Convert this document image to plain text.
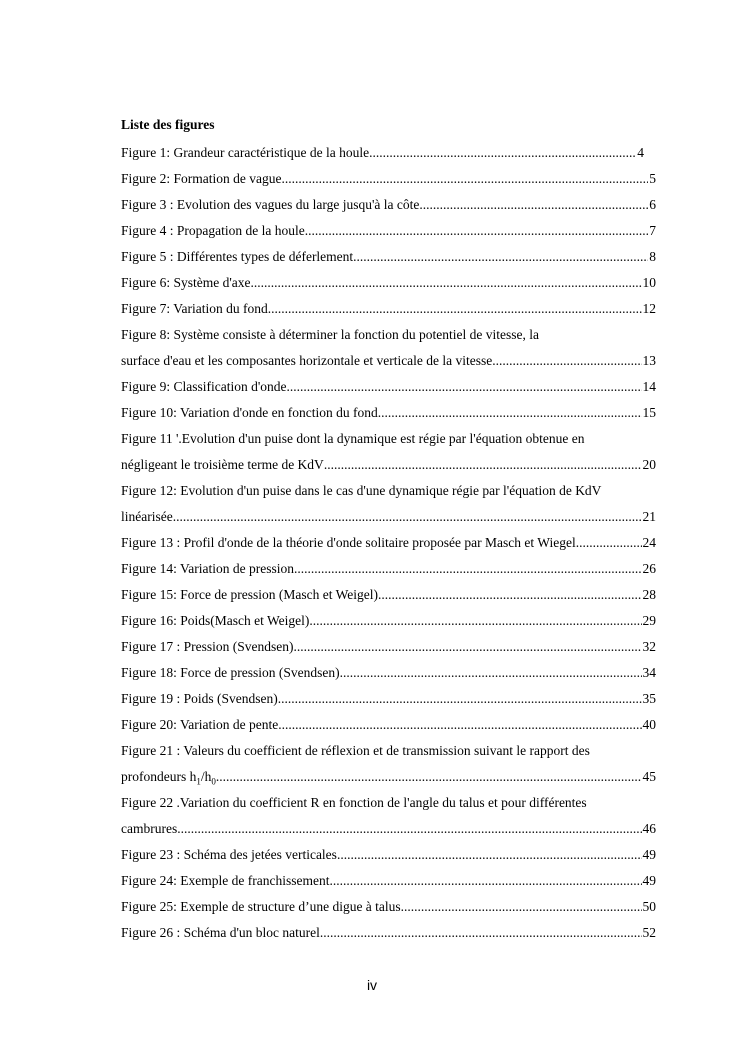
Liste des figures
Figure 1: Grandeur caractéristique de la houle .....	4
Figure 2: Formation de vague .....	5
Figure 3 : Evolution des vagues du large jusqu'à la côte .....	6
Figure 4 : Propagation de la houle .....	7
Figure 5 : Différentes types de déferlement .....	8
Figure 6: Système d'axe .....	10
Figure 7: Variation du fond .....	12
Figure 8: Système consiste à déterminer la fonction du potentiel de vitesse, la
surface d'eau et les composantes horizontale et verticale de la vitesse .....	13
Figure 9: Classification d'onde .....	14
Figure 10: Variation d'onde en fonction du fond .....	15
Figure 11 '.Evolution d'un puise dont la dynamique est régie par l'équation obtenue en
négligeant le troisième terme de KdV .....	20
Figure 12: Evolution d'un puise dans le cas d'une dynamique régie par l'équation de KdV
linéarisée .....	21
Figure 13 : Profil d'onde de la théorie d'onde solitaire proposée par Masch et Wiegel .....	24
Figure 14: Variation de pression .....	26
Figure 15: Force de pression (Masch et Weigel) .....	28
Figure 16: Poids(Masch et Weigel) .....	29
Figure 17 : Pression (Svendsen) .....	32
Figure 18: Force de pression (Svendsen) .....	34
Figure 19 : Poids (Svendsen) .....	35
Figure 20: Variation de pente .....	40
Figure 21 : Valeurs du coefficient de réflexion et de transmission suivant le rapport des
profondeurs $h_1/h_0$ .....	45
Figure 22 .Variation du coefficient R en fonction de l'angle du talus et pour différentes
cambrures .....	46
Figure 23 : Schéma des jetées verticales .....	49
Figure 24: Exemple de franchissement .....	49
Figure 25: Exemple de structure d’une digue à talus .....	50
Figure 26 : Schéma d'un bloc naturel .....	52
iv
